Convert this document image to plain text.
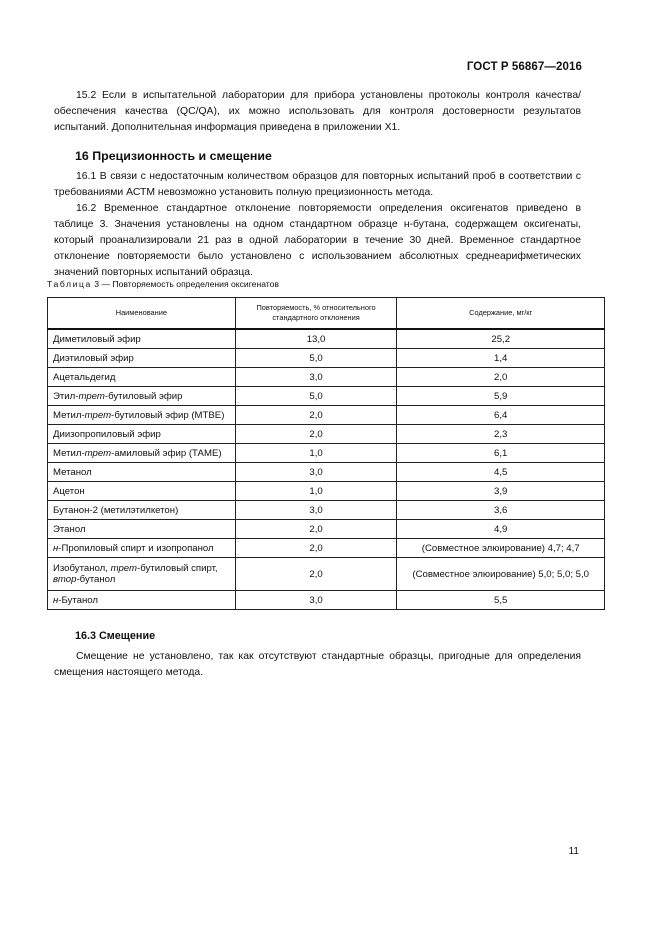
ГОСТ Р 56867—2016

15.2 Если в испытательной лаборатории для прибора установлены протоколы контроля качества/обеспечения качества (QC/QA), их можно использовать для контроля достоверности результатов испытаний. Дополнительная информация приведена в приложении X1.

16 Прецизионность и смещение

16.1 В связи с недостаточным количеством образцов для повторных испытаний проб в соответствии с требованиями АСТМ невозможно установить полную прецизионность метода.

16.2 Временное стандартное отклонение повторяемости определения оксигенатов приведено в таблице 3. Значения установлены на одном стандартном образце н-бутана, содержащем оксигенаты, который проанализировали 21 раз в одной лаборатории в течение 30 дней. Временное стандартное отклонение повторяемости было установлено с использованием абсолютных среднеарифметических значений повторных испытаний образца.

Таблица 3 — Повторяемость определения оксигенатов

Наименование	Повторяемость, % относительного стандартного отклонения	Содержание, мг/кг
Диметиловый эфир	13,0	25,2
Диэтиловый эфир	5,0	1,4
Ацетальдегид	3,0	2,0
Этил-трет-бутиловый эфир	5,0	5,9
Метил-трет-бутиловый эфир (МТВЕ)	2,0	6,4
Диизопропиловый эфир	2,0	2,3
Метил-трет-амиловый эфир (ТАМЕ)	1,0	6,1
Метанол	3,0	4,5
Ацетон	1,0	3,9
Бутанон-2 (метилэтилкетон)	3,0	3,6
Этанол	2,0	4,9
н-Пропиловый спирт и изопропанол	2,0	(Совместное элюирование) 4,7; 4,7
Изобутанол, трет-бутиловый спирт,
втор-бутанол	2,0	(Совместное элюирование) 5,0; 5,0; 5,0
н-Бутанол	3,0	5,5

16.3 Смещение

Смещение не установлено, так как отсутствуют стандартные образцы, пригодные для определения смещения настоящего метода.

11
